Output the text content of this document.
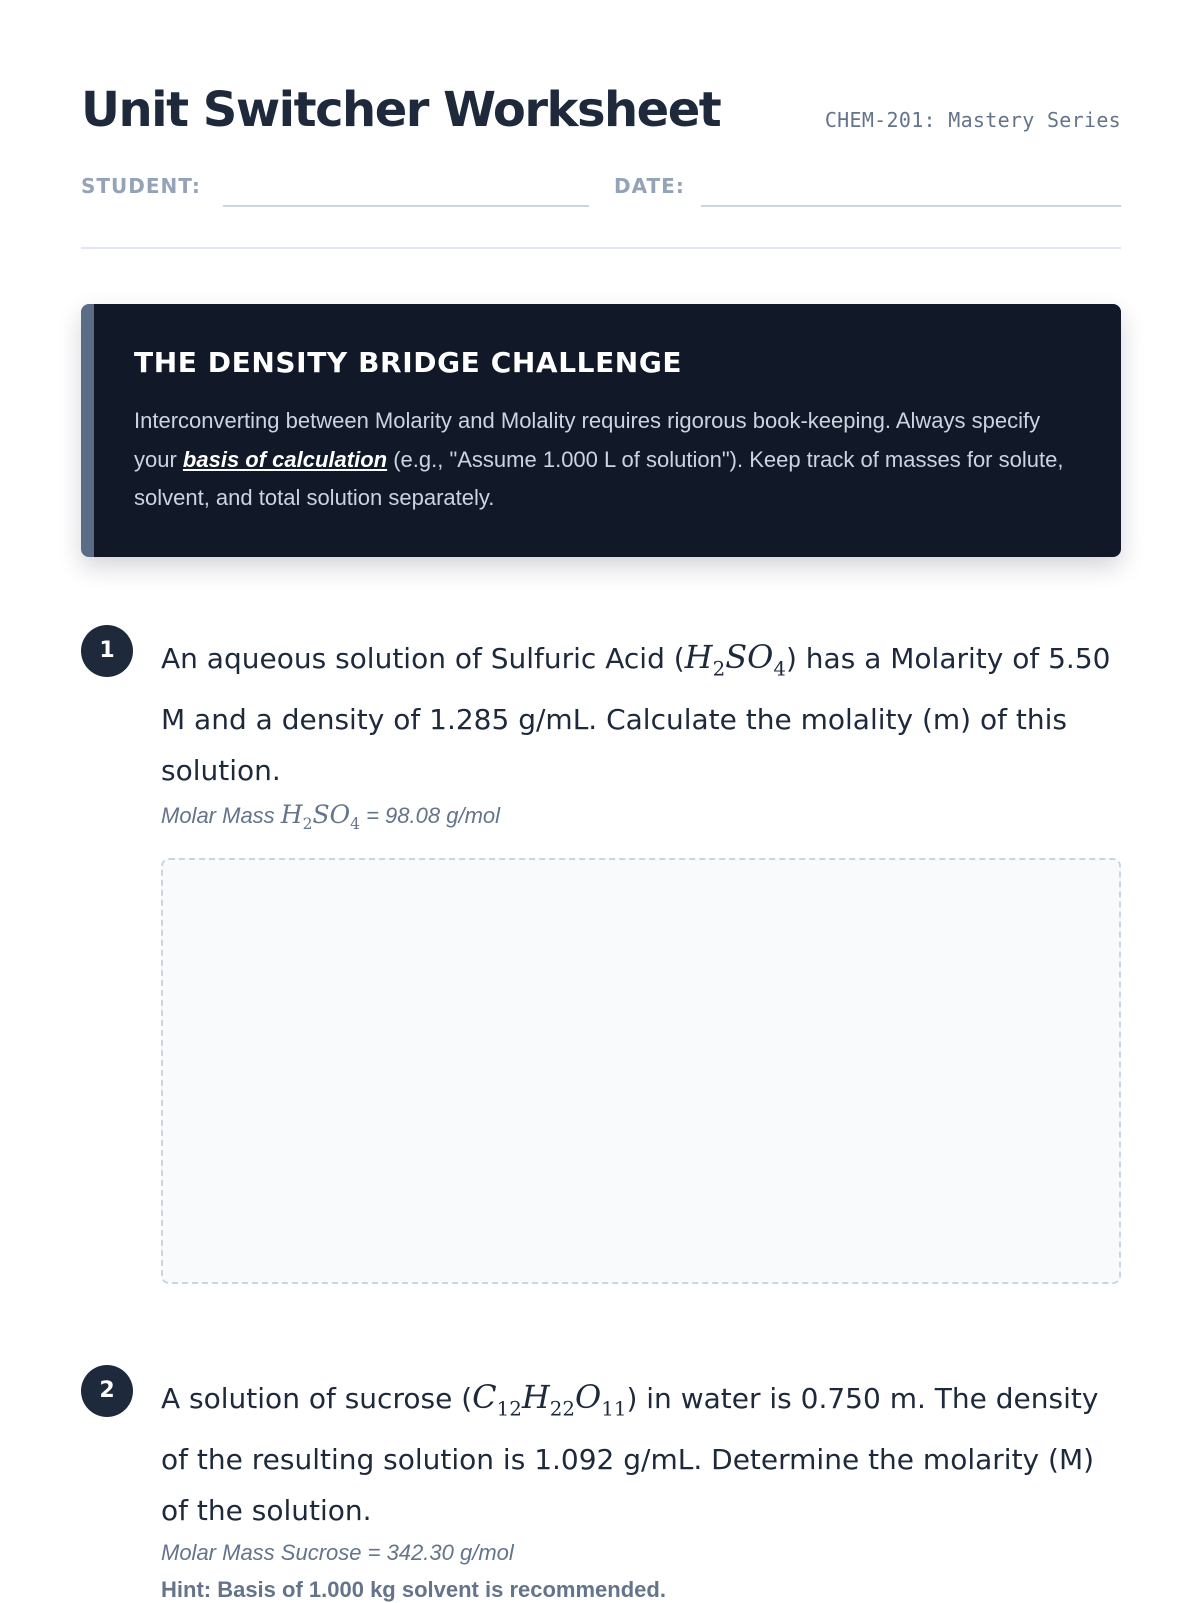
Unit Switcher Worksheet	CHEM-201: Mastery Series
STUDENT:	DATE:
THE DENSITY BRIDGE CHALLENGE

Interconverting between Molarity and Molality requires rigorous book-keeping. Always specify your basis of calculation (e.g., "Assume 1.000 L of solution"). Keep track of masses for solute, solvent, and total solution separately.

1	An aqueous solution of Sulfuric Acid $(H_2SO_4)$ has a Molarity of 5.50 M and a density of 1.285 g/mL. Calculate the molality (m) of this solution.

Molar Mass $H_2SO_4 = 98.08$ g/mol
2	A solution of sucrose $(C_{12}H_{22}O_{11})$ in water is 0.750 m. The density of the resulting solution is 1.092 g/mL. Determine the molarity (M) of the solution.

Molar Mass Sucrose = 342.30 g/mol
Hint: Basis of 1.000 kg solvent is recommended.
